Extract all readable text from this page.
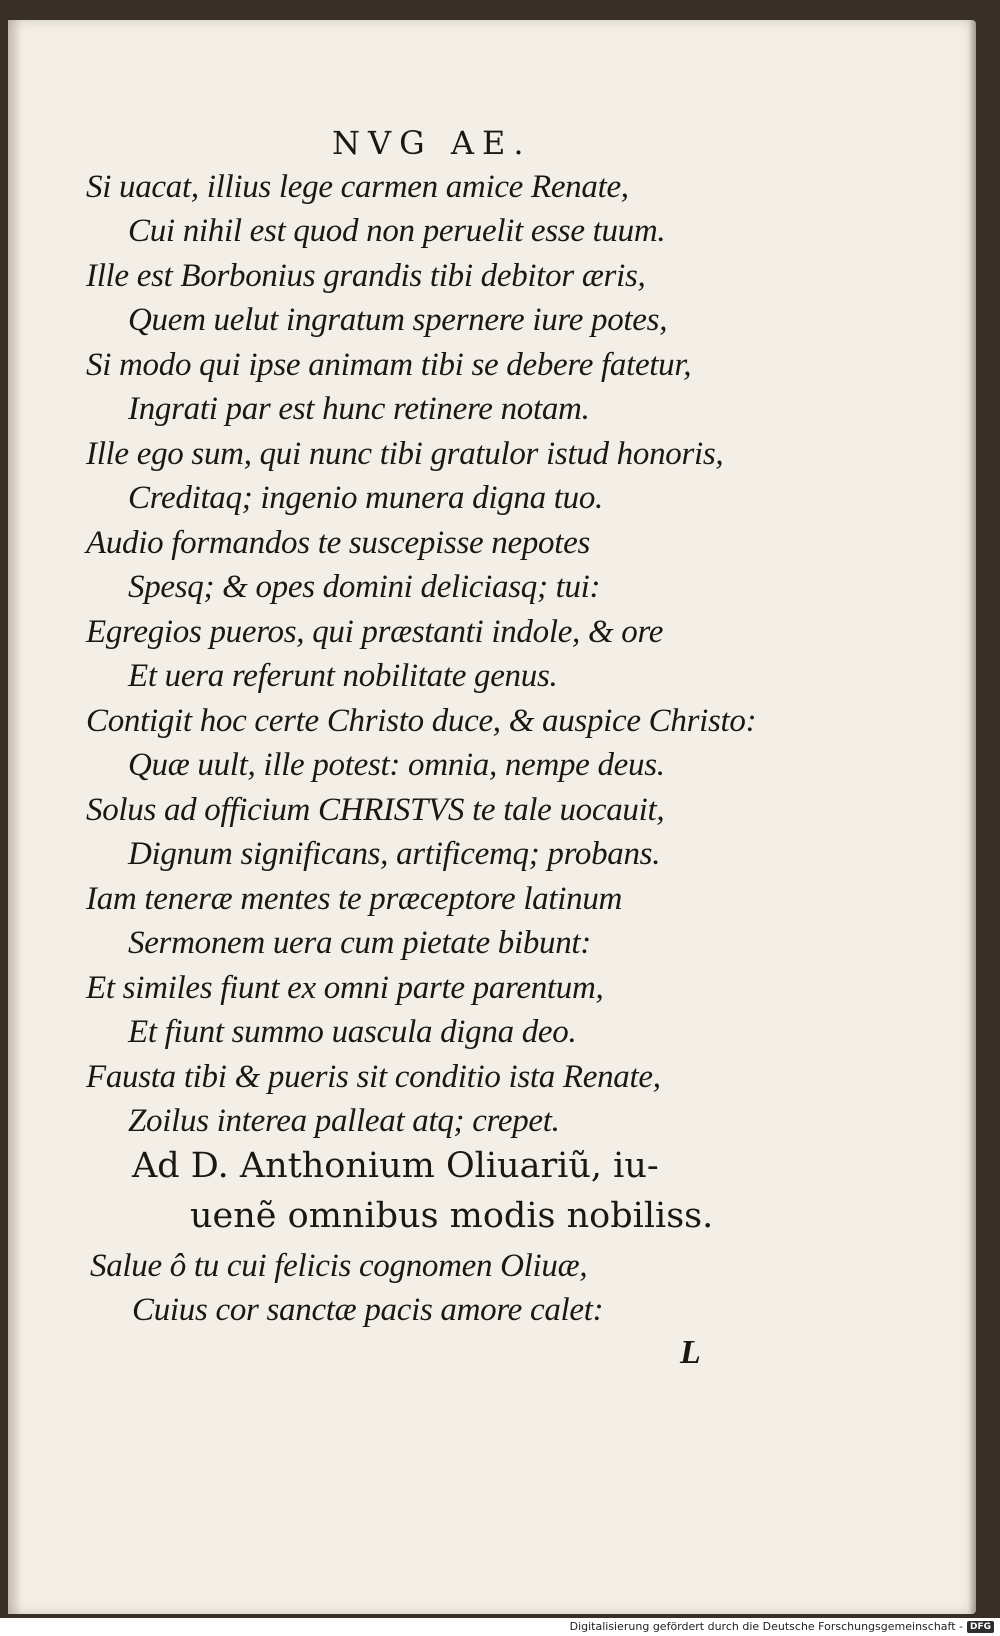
NVG AE.
Si uacat, illius lege carmen amice Renate,
Cui nihil est quod non peruelit esse tuum.
Ille est Borbonius grandis tibi debitor æris,
Quem uelut ingratum spernere iure potes,
Si modo qui ipse animam tibi se debere fatetur,
Ingrati par est hunc retinere notam.
Ille ego sum, qui nunc tibi gratulor istud honoris,
Creditaq; ingenio munera digna tuo.
Audio formandos te suscepisse nepotes
Spesq; & opes domini deliciasq; tui:
Egregios pueros, qui præstanti indole, & ore
Et uera referunt nobilitate genus.
Contigit hoc certe Christo duce, & auspice Christo:
Quæ uult, ille potest: omnia, nempe deus.
Solus ad officium CHRISTVS te tale uocauit,
Dignum significans, artificemq; probans.
Iam teneræ mentes te præceptore latinum
Sermonem uera cum pietate bibunt:
Et similes fiunt ex omni parte parentum,
Et fiunt summo uascula digna deo.
Fausta tibi & pueris sit conditio ista Renate,
Zoilus interea palleat atq; crepet.
Ad D. Anthonium Oliuariũ, iu-
uenẽ omnibus modis nobiliss.
Salue ô tu cui felicis cognomen Oliuæ,
Cuius cor sanctæ pacis amore calet:
L
Digitalisierung gefördert durch die Deutsche Forschungsgemeinschaft - DFG
